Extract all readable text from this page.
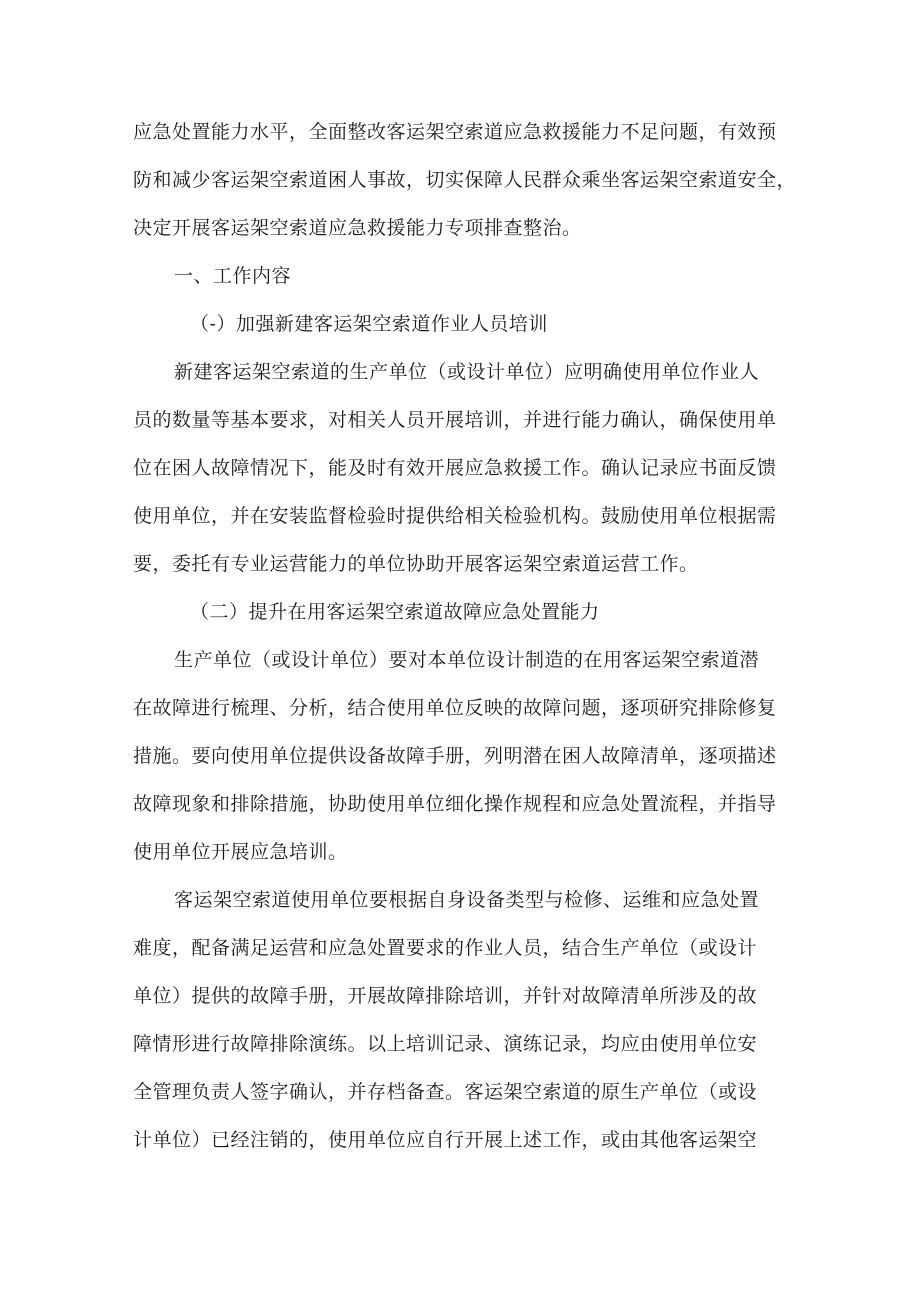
应急处置能力水平，全面整改客运架空索道应急救援能力不足问题，有效预
防和减少客运架空索道困人事故，切实保障人民群众乘坐客运架空索道安全，
决定开展客运架空索道应急救援能力专项排查整治。
一、工作内容
（-）加强新建客运架空索道作业人员培训
新建客运架空索道的生产单位（或设计单位）应明确使用单位作业人
员的数量等基本要求，对相关人员开展培训，并进行能力确认，确保使用单
位在困人故障情况下，能及时有效开展应急救援工作。确认记录应书面反馈
使用单位，并在安装监督检验时提供给相关检验机构。鼓励使用单位根据需
要，委托有专业运营能力的单位协助开展客运架空索道运营工作。
（二）提升在用客运架空索道故障应急处置能力
生产单位（或设计单位）要对本单位设计制造的在用客运架空索道潜
在故障进行梳理、分析，结合使用单位反映的故障问题，逐项研究排除修复
措施。要向使用单位提供设备故障手册，列明潜在困人故障清单，逐项描述
故障现象和排除措施，协助使用单位细化操作规程和应急处置流程，并指导
使用单位开展应急培训。
客运架空索道使用单位要根据自身设备类型与检修、运维和应急处置
难度，配备满足运营和应急处置要求的作业人员，结合生产单位（或设计
单位）提供的故障手册，开展故障排除培训，并针对故障清单所涉及的故
障情形进行故障排除演练。以上培训记录、演练记录，均应由使用单位安
全管理负责人签字确认，并存档备查。客运架空索道的原生产单位（或设
计单位）已经注销的，使用单位应自行开展上述工作，或由其他客运架空
